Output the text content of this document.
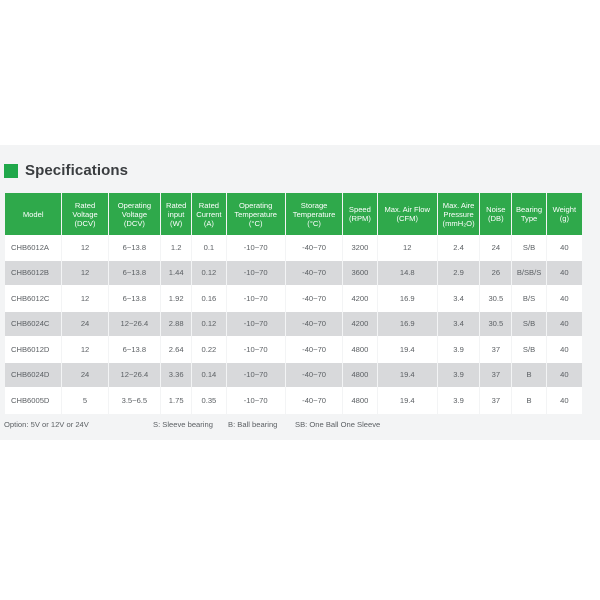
Specifications
Model	Rated
Voltage
(DCV)	Operating
Voltage
(DCV)	Rated
input
(W)	Rated
Current
(A)	Operating
Temperature
(°C)	Storage
Temperature
(°C)	Speed
(RPM)	Max. Air Flow
(CFM)	Max. Aire
Pressure
(mmH₂O)	Noise
(DB)	Bearing
Type	Weight
(g)
CHB6012A	12	6~13.8	1.2	0.1	-10~70	-40~70	3200	12	2.4	24	S/B	40
CHB6012B	12	6~13.8	1.44	0.12	-10~70	-40~70	3600	14.8	2.9	26	B/SB/S	40
CHB6012C	12	6~13.8	1.92	0.16	-10~70	-40~70	4200	16.9	3.4	30.5	B/S	40
CHB6024C	24	12~26.4	2.88	0.12	-10~70	-40~70	4200	16.9	3.4	30.5	S/B	40
CHB6012D	12	6~13.8	2.64	0.22	-10~70	-40~70	4800	19.4	3.9	37	S/B	40
CHB6024D	24	12~26.4	3.36	0.14	-10~70	-40~70	4800	19.4	3.9	37	B	40
CHB6005D	5	3.5~6.5	1.75	0.35	-10~70	-40~70	4800	19.4	3.9	37	B	40
Option: 5V or 12V or 24V	S: Sleeve bearing B: Ball bearing SB: One Ball One Sleeve
